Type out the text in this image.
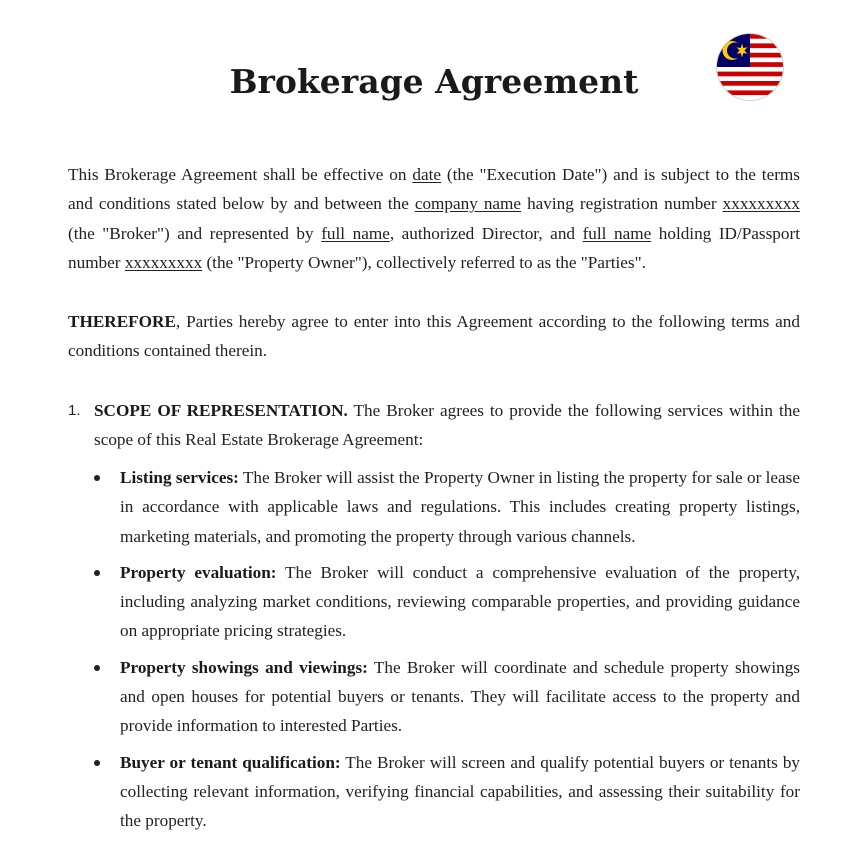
Brokerage Agreement

This Brokerage Agreement shall be effective on date (the "Execution Date") and is subject to the terms and conditions stated below by and between the company name having registration number xxxxxxxxx (the "Broker") and represented by full name, authorized Director, and full name holding ID/Passport number xxxxxxxxx (the "Property Owner"), collectively referred to as the "Parties".

THEREFORE, Parties hereby agree to enter into this Agreement according to the following terms and conditions contained therein.

1. SCOPE OF REPRESENTATION. The Broker agrees to provide the following services within the scope of this Real Estate Brokerage Agreement:

Listing services: The Broker will assist the Property Owner in listing the property for sale or lease in accordance with applicable laws and regulations. This includes creating property listings, marketing materials, and promoting the property through various channels.

Property evaluation: The Broker will conduct a comprehensive evaluation of the property, including analyzing market conditions, reviewing comparable properties, and providing guidance on appropriate pricing strategies.

Property showings and viewings: The Broker will coordinate and schedule property showings and open houses for potential buyers or tenants. They will facilitate access to the property and provide information to interested Parties.

Buyer or tenant qualification: The Broker will screen and qualify potential buyers or tenants by collecting relevant information, verifying financial capabilities, and assessing their suitability for the property.
